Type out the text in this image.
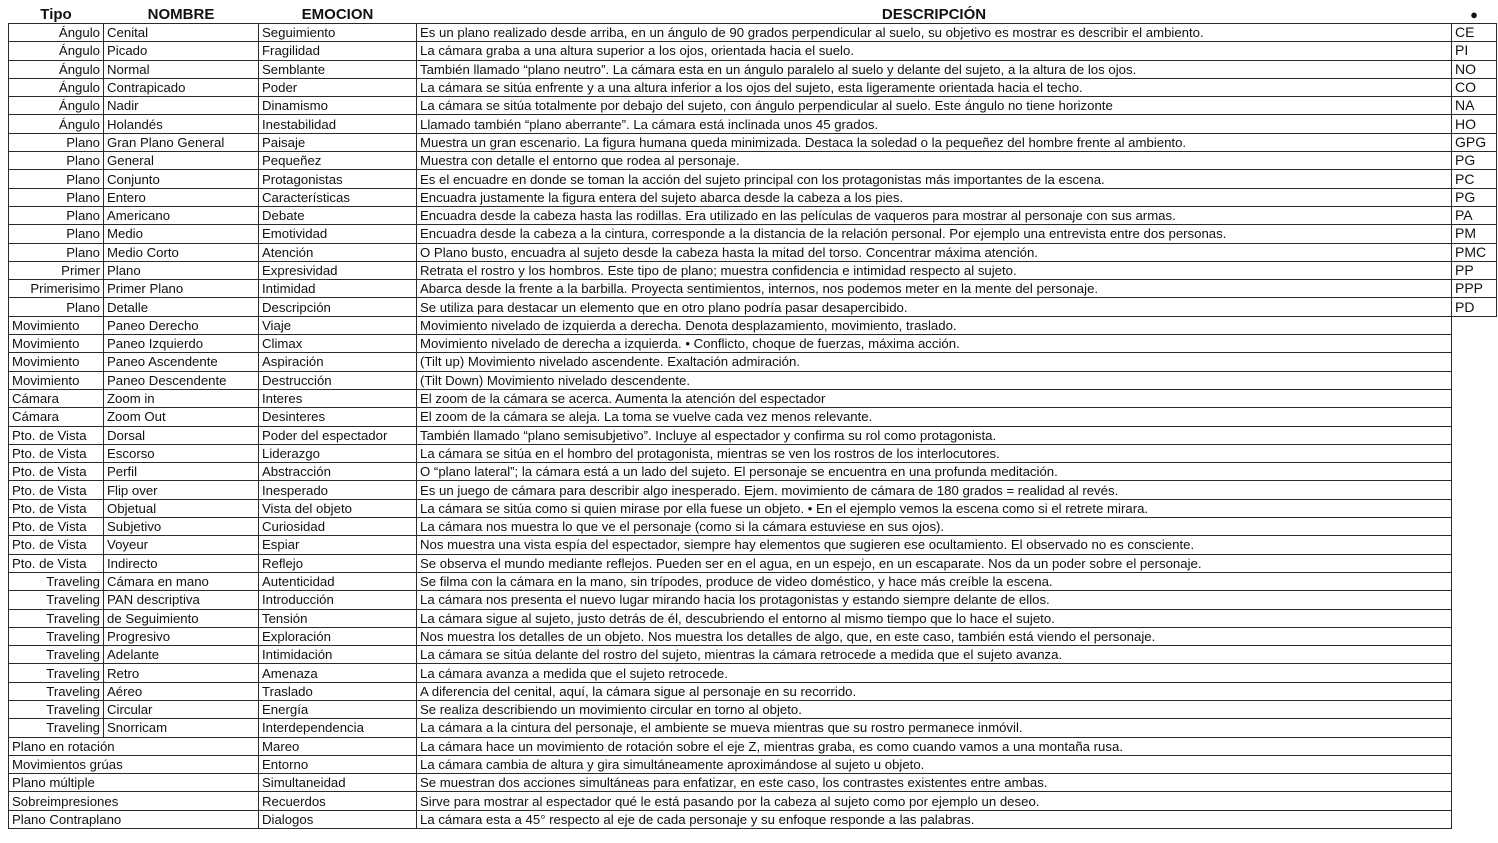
Tipo	NOMBRE	EMOCION	DESCRIPCIÓN	●
Ángulo	Cenital	Seguimiento	Es un plano realizado desde arriba, en un ángulo de 90 grados perpendicular al suelo, su objetivo es mostrar es describir el ambiento.	CE
Ángulo	Picado	Fragilidad	La cámara graba a una altura superior a los ojos, orientada hacia el suelo.	PI
Ángulo	Normal	Semblante	También llamado “plano neutro”. La cámara esta en un ángulo paralelo al suelo y delante del sujeto, a la altura de los ojos.	NO
Ángulo	Contrapicado	Poder	La cámara se sitúa enfrente y a una altura inferior a los ojos del sujeto, esta ligeramente orientada hacia el techo.	CO
Ángulo	Nadir	Dinamismo	La cámara se sitúa totalmente por debajo del sujeto, con ángulo perpendicular al suelo. Este ángulo no tiene horizonte	NA
Ángulo	Holandés	Inestabilidad	Llamado también “plano aberrante”. La cámara está inclinada unos 45 grados.	HO
Plano	Gran Plano General	Paisaje	Muestra un gran escenario. La figura humana queda minimizada. Destaca la soledad o la pequeñez del hombre frente al ambiento.	GPG
Plano	General	Pequeñez	Muestra con detalle el entorno que rodea al personaje.	PG
Plano	Conjunto	Protagonistas	Es el encuadre en donde se toman la acción del sujeto principal con los protagonistas más importantes de la escena.	PC
Plano	Entero	Características	Encuadra justamente la figura entera del sujeto abarca desde la cabeza a los pies.	PG
Plano	Americano	Debate	Encuadra desde la cabeza hasta las rodillas. Era utilizado en las películas de vaqueros para mostrar al personaje con sus armas.	PA
Plano	Medio	Emotividad	Encuadra desde la cabeza a la cintura, corresponde a la distancia de la relación personal. Por ejemplo una entrevista entre dos personas.	PM
Plano	Medio Corto	Atención	O Plano busto, encuadra al sujeto desde la cabeza hasta la mitad del torso. Concentrar máxima atención.	PMC
Primer	Plano	Expresividad	Retrata el rostro y los hombros. Este tipo de plano; muestra confidencia e intimidad respecto al sujeto.	PP
Primerisimo	Primer Plano	Intimidad	Abarca desde la frente a la barbilla. Proyecta sentimientos, internos, nos podemos meter en la mente del personaje.	PPP
Plano	Detalle	Descripción	Se utiliza para destacar un elemento que en otro plano podría pasar desapercibido.	PD
Movimiento	Paneo Derecho	Viaje	Movimiento nivelado de izquierda a derecha. Denota desplazamiento, movimiento, traslado.	
Movimiento	Paneo Izquierdo	Climax	Movimiento nivelado de derecha a izquierda. • Conflicto, choque de fuerzas, máxima acción.	
Movimiento	Paneo Ascendente	Aspiración	(Tilt up) Movimiento nivelado ascendente. Exaltación admiración.	
Movimiento	Paneo Descendente	Destrucción	(Tilt Down) Movimiento nivelado descendente.	
Cámara	Zoom in	Interes	El zoom de la cámara se acerca. Aumenta la atención del espectador	
Cámara	Zoom Out	Desinteres	El zoom de la cámara se aleja. La toma se vuelve cada vez menos relevante.	
Pto. de Vista	Dorsal	Poder del espectador	También llamado “plano semisubjetivo”. Incluye al espectador y confirma su rol como protagonista.	
Pto. de Vista	Escorso	Liderazgo	La cámara se sitúa en el hombro del protagonista, mientras se ven los rostros de los interlocutores.	
Pto. de Vista	Perfil	Abstracción	O “plano lateral”; la cámara está a un lado del sujeto. El personaje se encuentra en una profunda meditación.	
Pto. de Vista	Flip over	Inesperado	Es un juego de cámara para describir algo inesperado. Ejem. movimiento de cámara de 180 grados = realidad al revés.	
Pto. de Vista	Objetual	Vista del objeto	La cámara se sitúa como si quien mirase por ella fuese un objeto. • En el ejemplo vemos la escena como si el retrete mirara.	
Pto. de Vista	Subjetivo	Curiosidad	La cámara nos muestra lo que ve el personaje (como si la cámara estuviese en sus ojos).	
Pto. de Vista	Voyeur	Espiar	Nos muestra una vista espía del espectador, siempre hay elementos que sugieren ese ocultamiento. El observado no es consciente.	
Pto. de Vista	Indirecto	Reflejo	Se observa el mundo mediante reflejos. Pueden ser en el agua, en un espejo, en un escaparate. Nos da un poder sobre el personaje.	
Traveling	Cámara en mano	Autenticidad	Se filma con la cámara en la mano, sin trípodes, produce de video doméstico, y hace más creíble la escena.	
Traveling	PAN descriptiva	Introducción	La cámara nos presenta el nuevo lugar mirando hacia los protagonistas y estando siempre delante de ellos.	
Traveling	de Seguimiento	Tensión	La cámara sigue al sujeto, justo detrás de él, descubriendo el entorno al mismo tiempo que lo hace el sujeto.	
Traveling	Progresivo	Exploración	Nos muestra los detalles de un objeto. Nos muestra los detalles de algo, que, en este caso, también está viendo el personaje.	
Traveling	Adelante	Intimidación	La cámara se sitúa delante del rostro del sujeto, mientras la cámara retrocede a medida que el sujeto avanza.	
Traveling	Retro	Amenaza	La cámara avanza a medida que el sujeto retrocede.	
Traveling	Aéreo	Traslado	A diferencia del cenital, aquí, la cámara sigue al personaje en su recorrido.	
Traveling	Circular	Energía	Se realiza describiendo un movimiento circular en torno al objeto.	
Traveling	Snorricam	Interdependencia	La cámara a la cintura del personaje, el ambiente se mueva mientras que su rostro permanece inmóvil.	
Plano en rotación		Mareo	La cámara hace un movimiento de rotación sobre el eje Z, mientras graba, es como cuando vamos a una montaña rusa.	
Movimientos grúas		Entorno	La cámara cambia de altura y gira simultáneamente aproximándose al sujeto u objeto.	
Plano múltiple		Simultaneidad	Se muestran dos acciones simultáneas para enfatizar, en este caso, los contrastes existentes entre ambas.	
Sobreimpresiones		Recuerdos	Sirve para mostrar al espectador qué le está pasando por la cabeza al sujeto como por ejemplo un deseo.	
Plano Contraplano		Dialogos	La cámara esta a 45° respecto al eje de cada personaje y su enfoque responde a las palabras.	
